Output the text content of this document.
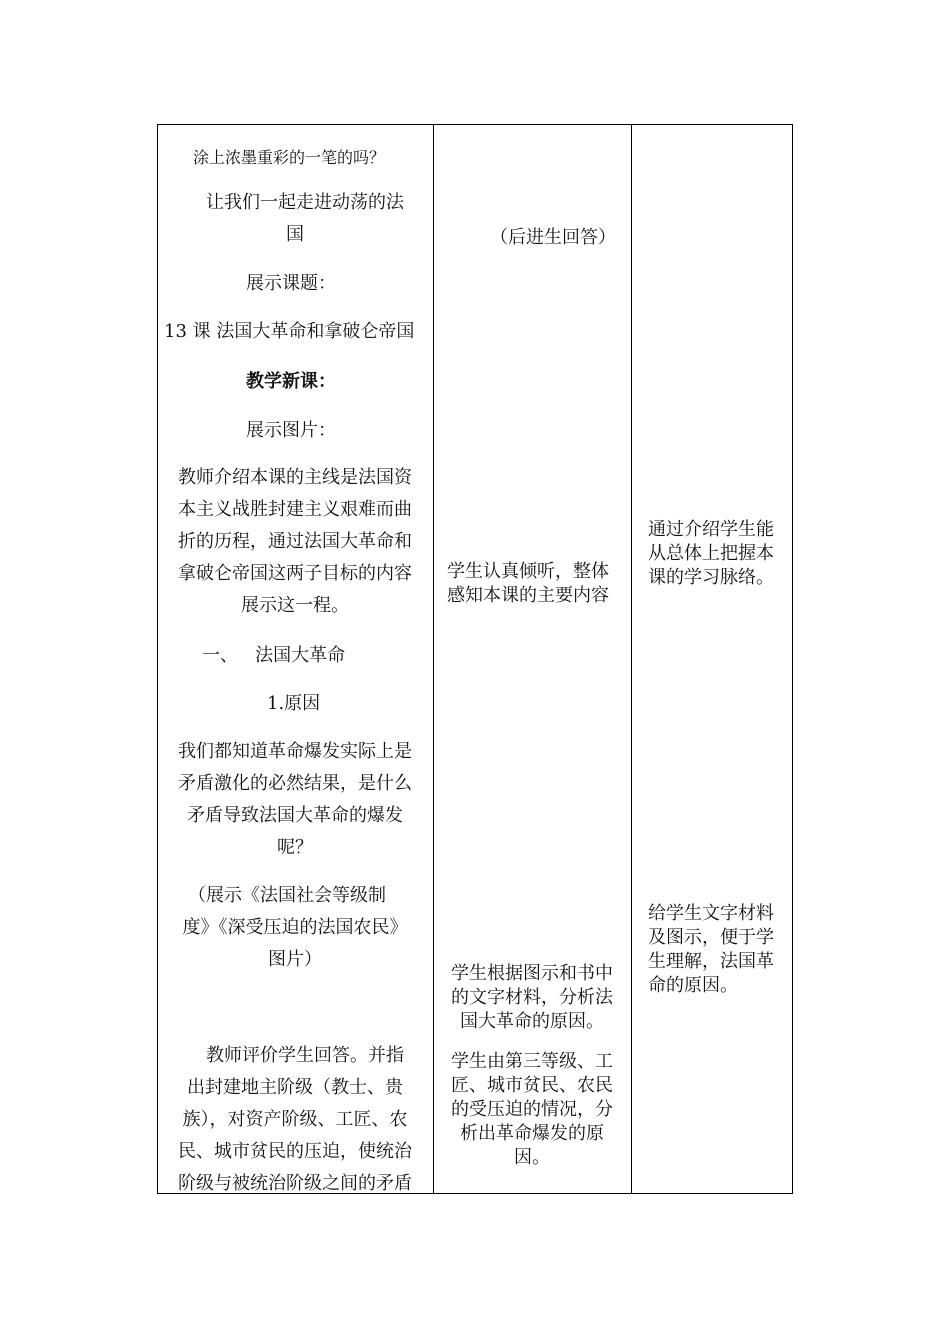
涂上浓墨重彩的一笔的吗？
让我们一起走进动荡的法
国
展示课题：
13 课 法国大革命和拿破仑帝国
教学新课：
展示图片：
教师介绍本课的主线是法国资
本主义战胜封建主义艰难而曲
折的历程，通过法国大革命和
拿破仑帝国这两子目标的内容
展示这一程。
一、   法国大革命
1.原因
我们都知道革命爆发实际上是
矛盾激化的必然结果，是什么
矛盾导致法国大革命的爆发
呢？
（展示《法国社会等级制
度》《深受压迫的法国农民》
图片）
教师评价学生回答。并指
出封建地主阶级（教士、贵
族），对资产阶级、工匠、农
民、城市贫民的压迫，使统治
阶级与被统治阶级之间的矛盾
（后进生回答）
学生认真倾听，整体
感知本课的主要内容
学生根据图示和书中
的文字材料，分析法
国大革命的原因。
学生由第三等级、工
匠、城市贫民、农民
的受压迫的情况，分
析出革命爆发的原
因。
通过介绍学生能
从总体上把握本
课的学习脉络。
给学生文字材料
及图示，便于学
生理解，法国革
命的原因。
